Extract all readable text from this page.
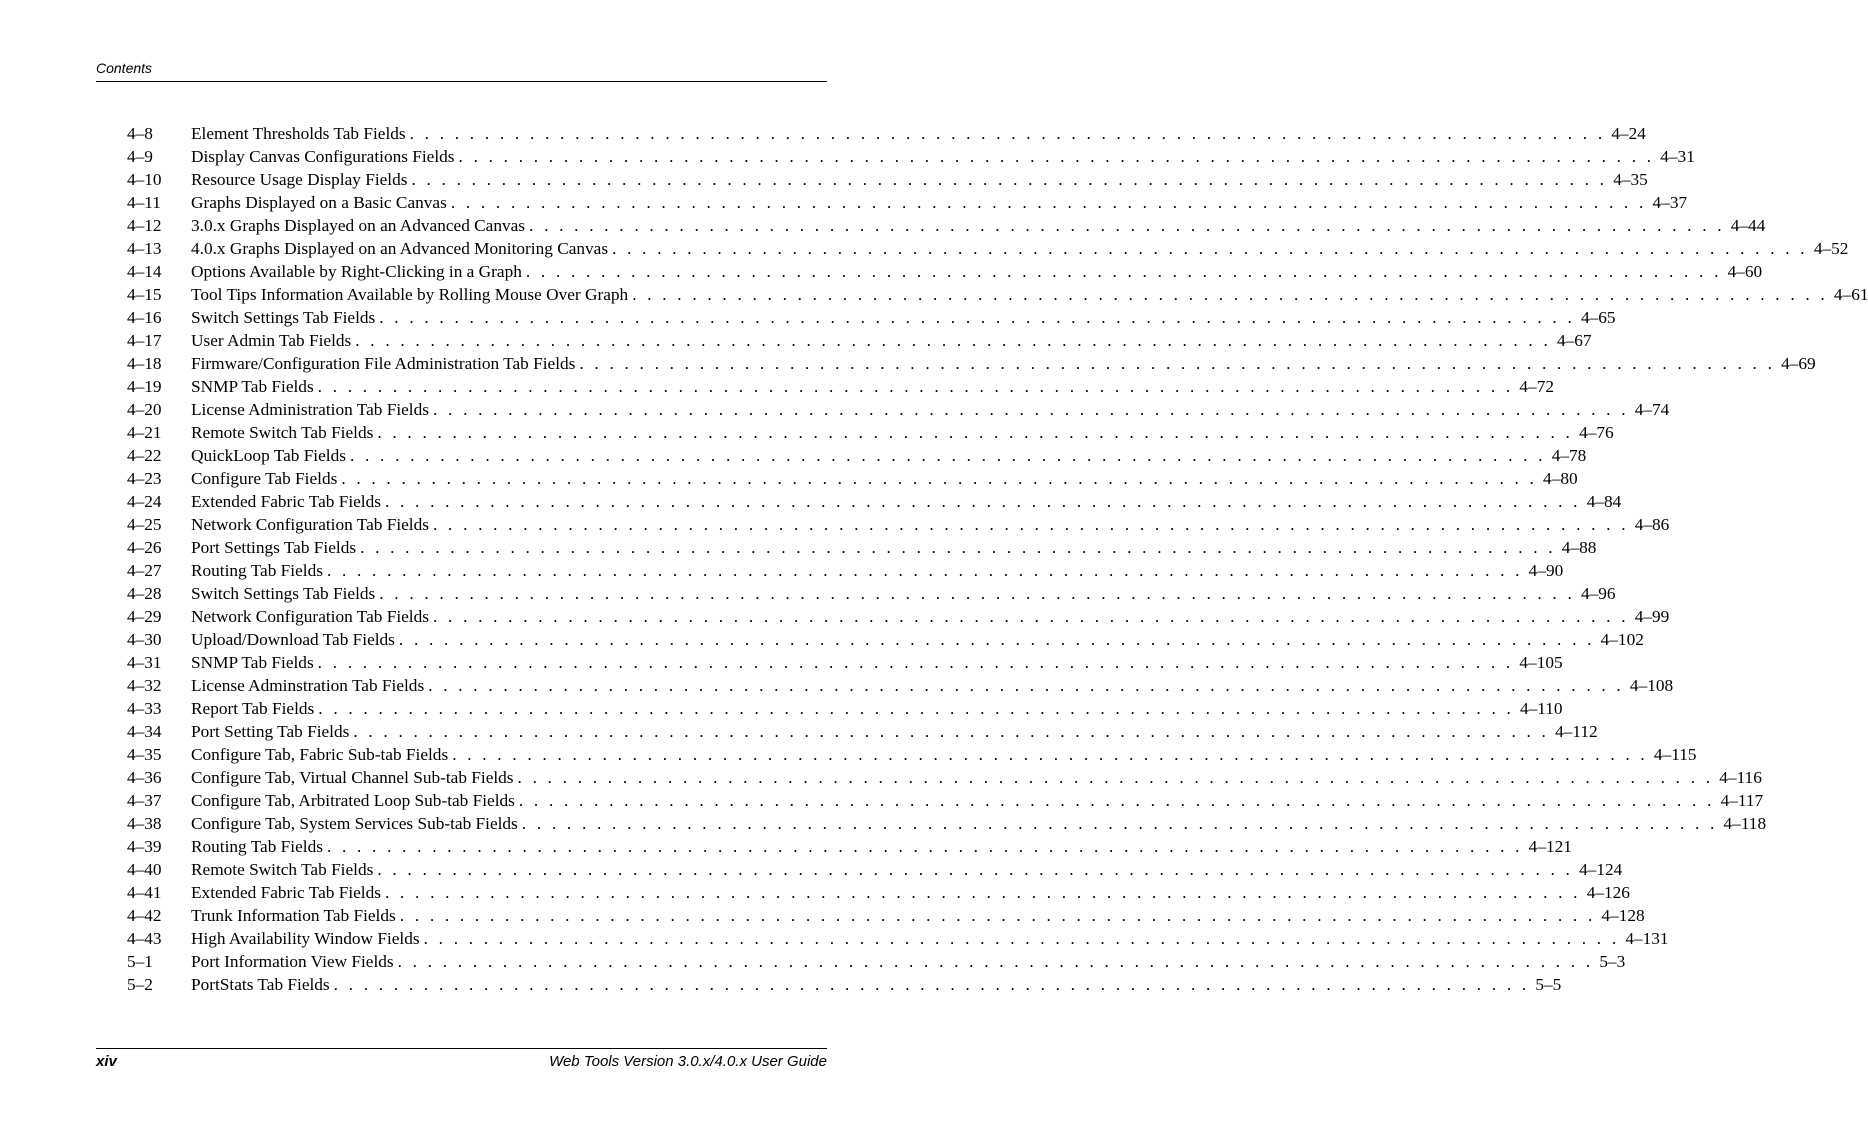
Contents
4–8	Element Thresholds Tab Fields . . . . . . . . . . . . . . . . . . . . . . . . . . . . . . . . . . . . . . . . . . . . . . . . . . . . . . . . . . . . . . . . . . . . . . . . . . . . . . . . 4–24
4–9	Display Canvas Configurations Fields . . . . . . . . . . . . . . . . . . . . . . . . . . . . . . . . . . . . . . . . . . . . . . . . . . . . . . . . . . . . . . . . . . . . . . . . . . . . . . . . 4–31
4–10	Resource Usage Display Fields . . . . . . . . . . . . . . . . . . . . . . . . . . . . . . . . . . . . . . . . . . . . . . . . . . . . . . . . . . . . . . . . . . . . . . . . . . . . . . . . 4–35
4–11	Graphs Displayed on a Basic Canvas . . . . . . . . . . . . . . . . . . . . . . . . . . . . . . . . . . . . . . . . . . . . . . . . . . . . . . . . . . . . . . . . . . . . . . . . . . . . . . . . 4–37
4–12	3.0.x Graphs Displayed on an Advanced Canvas . . . . . . . . . . . . . . . . . . . . . . . . . . . . . . . . . . . . . . . . . . . . . . . . . . . . . . . . . . . . . . . . . . . . . . . . . . . . . . . . 4–44
4–13	4.0.x Graphs Displayed on an Advanced Monitoring Canvas . . . . . . . . . . . . . . . . . . . . . . . . . . . . . . . . . . . . . . . . . . . . . . . . . . . . . . . . . . . . . . . . . . . . . . . . . . . . . . . . 4–52
4–14	Options Available by Right-Clicking in a Graph . . . . . . . . . . . . . . . . . . . . . . . . . . . . . . . . . . . . . . . . . . . . . . . . . . . . . . . . . . . . . . . . . . . . . . . . . . . . . . . . 4–60
4–15	Tool Tips Information Available by Rolling Mouse Over Graph . . . . . . . . . . . . . . . . . . . . . . . . . . . . . . . . . . . . . . . . . . . . . . . . . . . . . . . . . . . . . . . . . . . . . . . . . . . . . . . . 4–61
4–16	Switch Settings Tab Fields . . . . . . . . . . . . . . . . . . . . . . . . . . . . . . . . . . . . . . . . . . . . . . . . . . . . . . . . . . . . . . . . . . . . . . . . . . . . . . . . 4–65
4–17	User Admin Tab Fields . . . . . . . . . . . . . . . . . . . . . . . . . . . . . . . . . . . . . . . . . . . . . . . . . . . . . . . . . . . . . . . . . . . . . . . . . . . . . . . . 4–67
4–18	Firmware/Configuration File Administration Tab Fields . . . . . . . . . . . . . . . . . . . . . . . . . . . . . . . . . . . . . . . . . . . . . . . . . . . . . . . . . . . . . . . . . . . . . . . . . . . . . . . . 4–69
4–19	SNMP Tab Fields . . . . . . . . . . . . . . . . . . . . . . . . . . . . . . . . . . . . . . . . . . . . . . . . . . . . . . . . . . . . . . . . . . . . . . . . . . . . . . . . 4–72
4–20	License Administration Tab Fields . . . . . . . . . . . . . . . . . . . . . . . . . . . . . . . . . . . . . . . . . . . . . . . . . . . . . . . . . . . . . . . . . . . . . . . . . . . . . . . . 4–74
4–21	Remote Switch Tab Fields . . . . . . . . . . . . . . . . . . . . . . . . . . . . . . . . . . . . . . . . . . . . . . . . . . . . . . . . . . . . . . . . . . . . . . . . . . . . . . . . 4–76
4–22	QuickLoop Tab Fields . . . . . . . . . . . . . . . . . . . . . . . . . . . . . . . . . . . . . . . . . . . . . . . . . . . . . . . . . . . . . . . . . . . . . . . . . . . . . . . . 4–78
4–23	Configure Tab Fields . . . . . . . . . . . . . . . . . . . . . . . . . . . . . . . . . . . . . . . . . . . . . . . . . . . . . . . . . . . . . . . . . . . . . . . . . . . . . . . . 4–80
4–24	Extended Fabric Tab Fields . . . . . . . . . . . . . . . . . . . . . . . . . . . . . . . . . . . . . . . . . . . . . . . . . . . . . . . . . . . . . . . . . . . . . . . . . . . . . . . . 4–84
4–25	Network Configuration Tab Fields . . . . . . . . . . . . . . . . . . . . . . . . . . . . . . . . . . . . . . . . . . . . . . . . . . . . . . . . . . . . . . . . . . . . . . . . . . . . . . . . 4–86
4–26	Port Settings Tab Fields . . . . . . . . . . . . . . . . . . . . . . . . . . . . . . . . . . . . . . . . . . . . . . . . . . . . . . . . . . . . . . . . . . . . . . . . . . . . . . . . 4–88
4–27	Routing Tab Fields . . . . . . . . . . . . . . . . . . . . . . . . . . . . . . . . . . . . . . . . . . . . . . . . . . . . . . . . . . . . . . . . . . . . . . . . . . . . . . . . 4–90
4–28	Switch Settings Tab Fields . . . . . . . . . . . . . . . . . . . . . . . . . . . . . . . . . . . . . . . . . . . . . . . . . . . . . . . . . . . . . . . . . . . . . . . . . . . . . . . . 4–96
4–29	Network Configuration Tab Fields . . . . . . . . . . . . . . . . . . . . . . . . . . . . . . . . . . . . . . . . . . . . . . . . . . . . . . . . . . . . . . . . . . . . . . . . . . . . . . . . 4–99
4–30	Upload/Download Tab Fields . . . . . . . . . . . . . . . . . . . . . . . . . . . . . . . . . . . . . . . . . . . . . . . . . . . . . . . . . . . . . . . . . . . . . . . . . . . . . . . . 4–102
4–31	SNMP Tab Fields . . . . . . . . . . . . . . . . . . . . . . . . . . . . . . . . . . . . . . . . . . . . . . . . . . . . . . . . . . . . . . . . . . . . . . . . . . . . . . . . 4–105
4–32	License Adminstration Tab Fields . . . . . . . . . . . . . . . . . . . . . . . . . . . . . . . . . . . . . . . . . . . . . . . . . . . . . . . . . . . . . . . . . . . . . . . . . . . . . . . . 4–108
4–33	Report Tab Fields . . . . . . . . . . . . . . . . . . . . . . . . . . . . . . . . . . . . . . . . . . . . . . . . . . . . . . . . . . . . . . . . . . . . . . . . . . . . . . . . 4–110
4–34	Port Setting Tab Fields . . . . . . . . . . . . . . . . . . . . . . . . . . . . . . . . . . . . . . . . . . . . . . . . . . . . . . . . . . . . . . . . . . . . . . . . . . . . . . . . 4–112
4–35	Configure Tab, Fabric Sub-tab Fields . . . . . . . . . . . . . . . . . . . . . . . . . . . . . . . . . . . . . . . . . . . . . . . . . . . . . . . . . . . . . . . . . . . . . . . . . . . . . . . . 4–115
4–36	Configure Tab, Virtual Channel Sub-tab Fields . . . . . . . . . . . . . . . . . . . . . . . . . . . . . . . . . . . . . . . . . . . . . . . . . . . . . . . . . . . . . . . . . . . . . . . . . . . . . . . . 4–116
4–37	Configure Tab, Arbitrated Loop Sub-tab Fields . . . . . . . . . . . . . . . . . . . . . . . . . . . . . . . . . . . . . . . . . . . . . . . . . . . . . . . . . . . . . . . . . . . . . . . . . . . . . . . . 4–117
4–38	Configure Tab, System Services Sub-tab Fields . . . . . . . . . . . . . . . . . . . . . . . . . . . . . . . . . . . . . . . . . . . . . . . . . . . . . . . . . . . . . . . . . . . . . . . . . . . . . . . . 4–118
4–39	Routing Tab Fields . . . . . . . . . . . . . . . . . . . . . . . . . . . . . . . . . . . . . . . . . . . . . . . . . . . . . . . . . . . . . . . . . . . . . . . . . . . . . . . . 4–121
4–40	Remote Switch Tab Fields . . . . . . . . . . . . . . . . . . . . . . . . . . . . . . . . . . . . . . . . . . . . . . . . . . . . . . . . . . . . . . . . . . . . . . . . . . . . . . . . 4–124
4–41	Extended Fabric Tab Fields . . . . . . . . . . . . . . . . . . . . . . . . . . . . . . . . . . . . . . . . . . . . . . . . . . . . . . . . . . . . . . . . . . . . . . . . . . . . . . . . 4–126
4–42	Trunk Information Tab Fields . . . . . . . . . . . . . . . . . . . . . . . . . . . . . . . . . . . . . . . . . . . . . . . . . . . . . . . . . . . . . . . . . . . . . . . . . . . . . . . . 4–128
4–43	High Availability Window Fields . . . . . . . . . . . . . . . . . . . . . . . . . . . . . . . . . . . . . . . . . . . . . . . . . . . . . . . . . . . . . . . . . . . . . . . . . . . . . . . . 4–131
5–1	Port Information View Fields . . . . . . . . . . . . . . . . . . . . . . . . . . . . . . . . . . . . . . . . . . . . . . . . . . . . . . . . . . . . . . . . . . . . . . . . . . . . . . . . 5–3
5–2	PortStats Tab Fields . . . . . . . . . . . . . . . . . . . . . . . . . . . . . . . . . . . . . . . . . . . . . . . . . . . . . . . . . . . . . . . . . . . . . . . . . . . . . . . . 5–5
xiv	Web Tools Version 3.0.x/4.0.x User Guide
